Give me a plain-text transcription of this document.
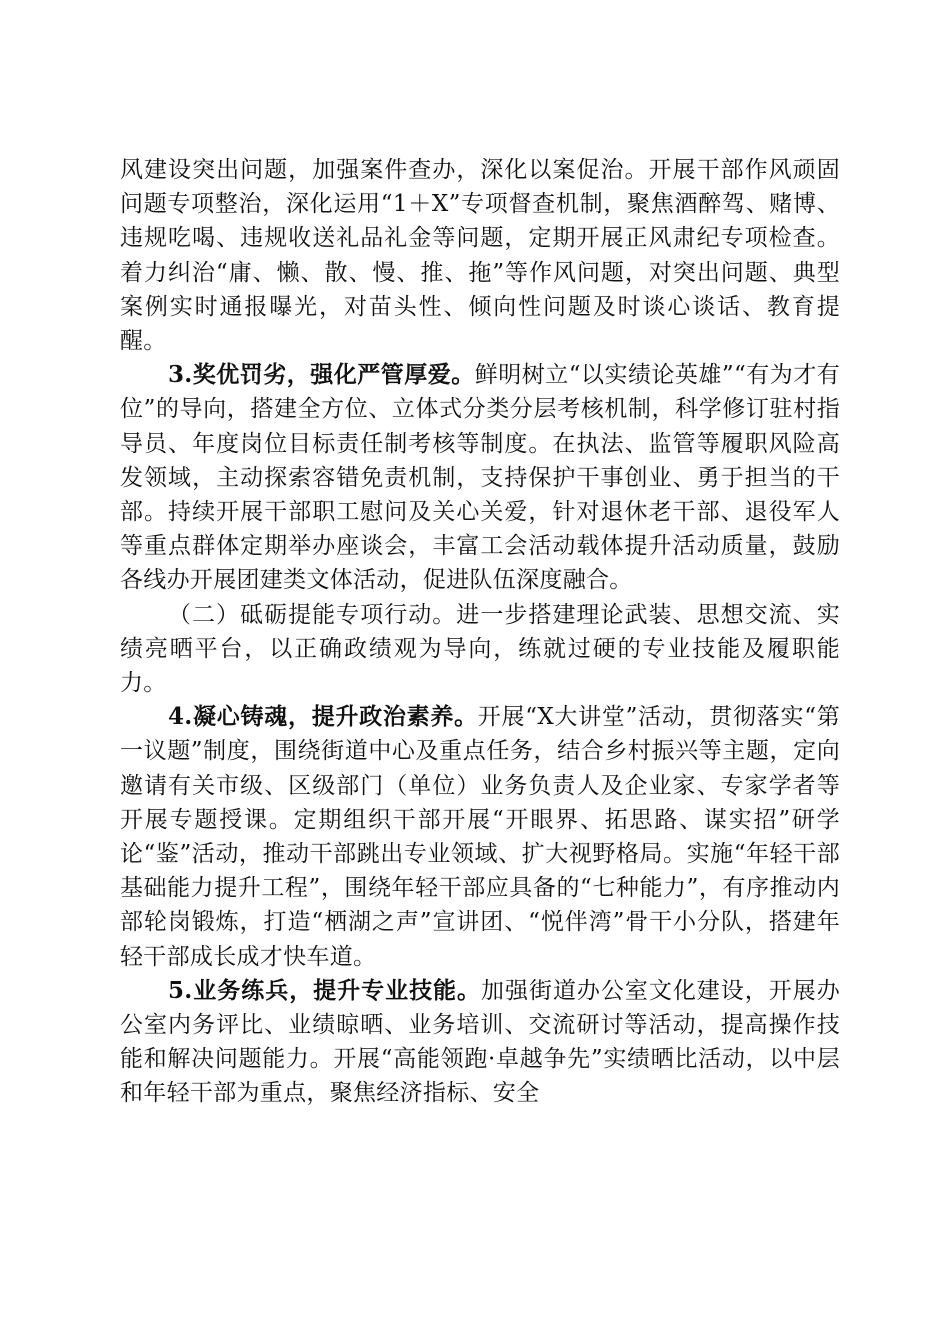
风建设突出问题，加强案件查办，深化以案促治。开展干部作风顽固问题专项整治，深化运用“1＋X”专项督查机制，聚焦酒醉驾、赌博、违规吃喝、违规收送礼品礼金等问题，定期开展正风肃纪专项检查。着力纠治“庸、懒、散、慢、推、拖”等作风问题，对突出问题、典型案例实时通报曝光，对苗头性、倾向性问题及时谈心谈话、教育提醒。

3.奖优罚劣，强化严管厚爱。鲜明树立“以实绩论英雄”“有为才有位”的导向，搭建全方位、立体式分类分层考核机制，科学修订驻村指导员、年度岗位目标责任制考核等制度。在执法、监管等履职风险高发领域，主动探索容错免责机制，支持保护干事创业、勇于担当的干部。持续开展干部职工慰问及关心关爱，针对退休老干部、退役军人等重点群体定期举办座谈会，丰富工会活动载体提升活动质量，鼓励各线办开展团建类文体活动，促进队伍深度融合。

（二）砥砺提能专项行动。进一步搭建理论武装、思想交流、实绩亮晒平台，以正确政绩观为导向，练就过硬的专业技能及履职能力。

4.凝心铸魂，提升政治素养。开展“X大讲堂”活动，贯彻落实“第一议题”制度，围绕街道中心及重点任务，结合乡村振兴等主题，定向邀请有关市级、区级部门（单位）业务负责人及企业家、专家学者等开展专题授课。定期组织干部开展“开眼界、拓思路、谋实招”研学论“鉴”活动，推动干部跳出专业领域、扩大视野格局。实施“年轻干部基础能力提升工程”，围绕年轻干部应具备的“七种能力”，有序推动内部轮岗锻炼，打造“栖湖之声”宣讲团、“悦伴湾”骨干小分队，搭建年轻干部成长成才快车道。

5.业务练兵，提升专业技能。加强街道办公室文化建设，开展办公室内务评比、业绩晾晒、业务培训、交流研讨等活动，提高操作技能和解决问题能力。开展“高能领跑·卓越争先”实绩晒比活动，以中层和年轻干部为重点，聚焦经济指标、安全
